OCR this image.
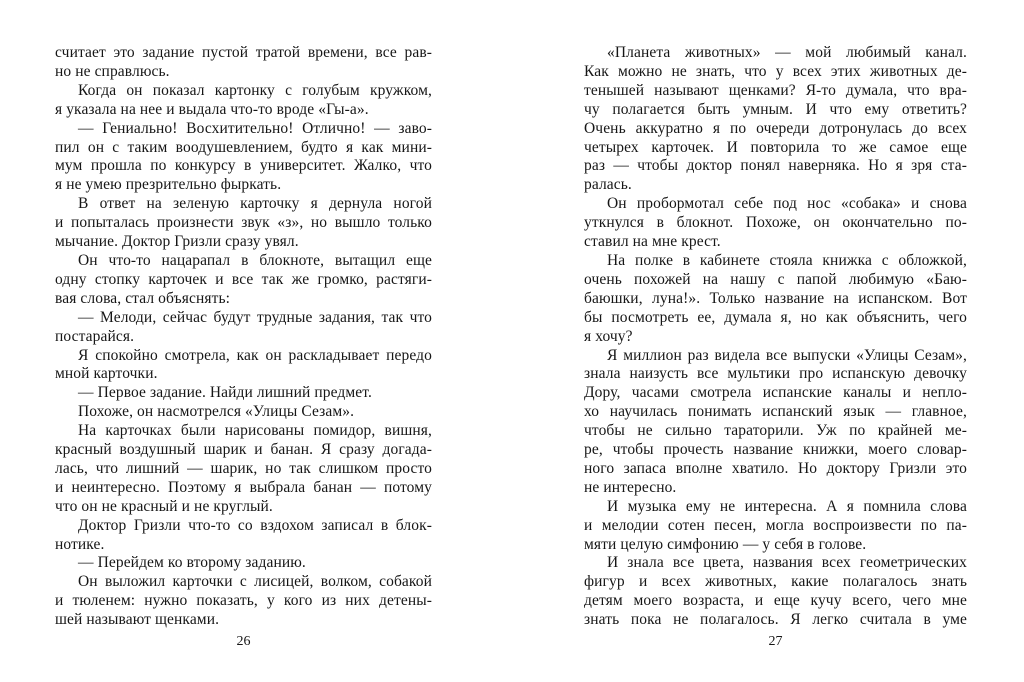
считает это задание пустой тратой времени, все рав-
но не справлюсь.
Когда он показал картонку с голубым кружком,
я указала на нее и выдала что-то вроде «Гы-а».
— Гениально! Восхитительно! Отлично! — заво-
пил он с таким воодушевлением, будто я как мини-
мум прошла по конкурсу в университет. Жалко, что
я не умею презрительно фыркать.
В ответ на зеленую карточку я дернула ногой
и попыталась произнести звук «з», но вышло только
мычание. Доктор Гризли сразу увял.
Он что-то нацарапал в блокноте, вытащил еще
одну стопку карточек и все так же громко, растяги-
вая слова, стал объяснять:
— Мелоди, сейчас будут трудные задания, так что
постарайся.
Я спокойно смотрела, как он раскладывает передо
мной карточки.
— Первое задание. Найди лишний предмет.
Похоже, он насмотрелся «Улицы Сезам».
На карточках были нарисованы помидор, вишня,
красный воздушный шарик и банан. Я сразу догада-
лась, что лишний — шарик, но так слишком просто
и неинтересно. Поэтому я выбрала банан — потому
что он не красный и не круглый.
Доктор Гризли что-то со вздохом записал в блок-
нотике.
— Перейдем ко второму заданию.
Он выложил карточки с лисицей, волком, собакой
и тюленем: нужно показать, у кого из них детены-
шей называют щенками.
26
«Планета животных» — мой любимый канал.
Как можно не знать, что у всех этих животных де-
тенышей называют щенками? Я-то думала, что вра-
чу полагается быть умным. И что ему ответить?
Очень аккуратно я по очереди дотронулась до всех
четырех карточек. И повторила то же самое еще
раз — чтобы доктор понял наверняка. Но я зря ста-
ралась.
Он пробормотал себе под нос «собака» и снова
уткнулся в блокнот. Похоже, он окончательно по-
ставил на мне крест.
На полке в кабинете стояла книжка с обложкой,
очень похожей на нашу с папой любимую «Баю-
баюшки, луна!». Только название на испанском. Вот
бы посмотреть ее, думала я, но как объяснить, чего
я хочу?
Я миллион раз видела все выпуски «Улицы Сезам»,
знала наизусть все мультики про испанскую девочку
Дору, часами смотрела испанские каналы и непло-
хо научилась понимать испанский язык — главное,
чтобы не сильно тараторили. Уж по крайней ме-
ре, чтобы прочесть название книжки, моего словар-
ного запаса вполне хватило. Но доктору Гризли это
не интересно.
И музыка ему не интересна. А я помнила слова
и мелодии сотен песен, могла воспроизвести по па-
мяти целую симфонию — у себя в голове.
И знала все цвета, названия всех геометрических
фигур и всех животных, какие полагалось знать
детям моего возраста, и еще кучу всего, чего мне
знать пока не полагалось. Я легко считала в уме
27
